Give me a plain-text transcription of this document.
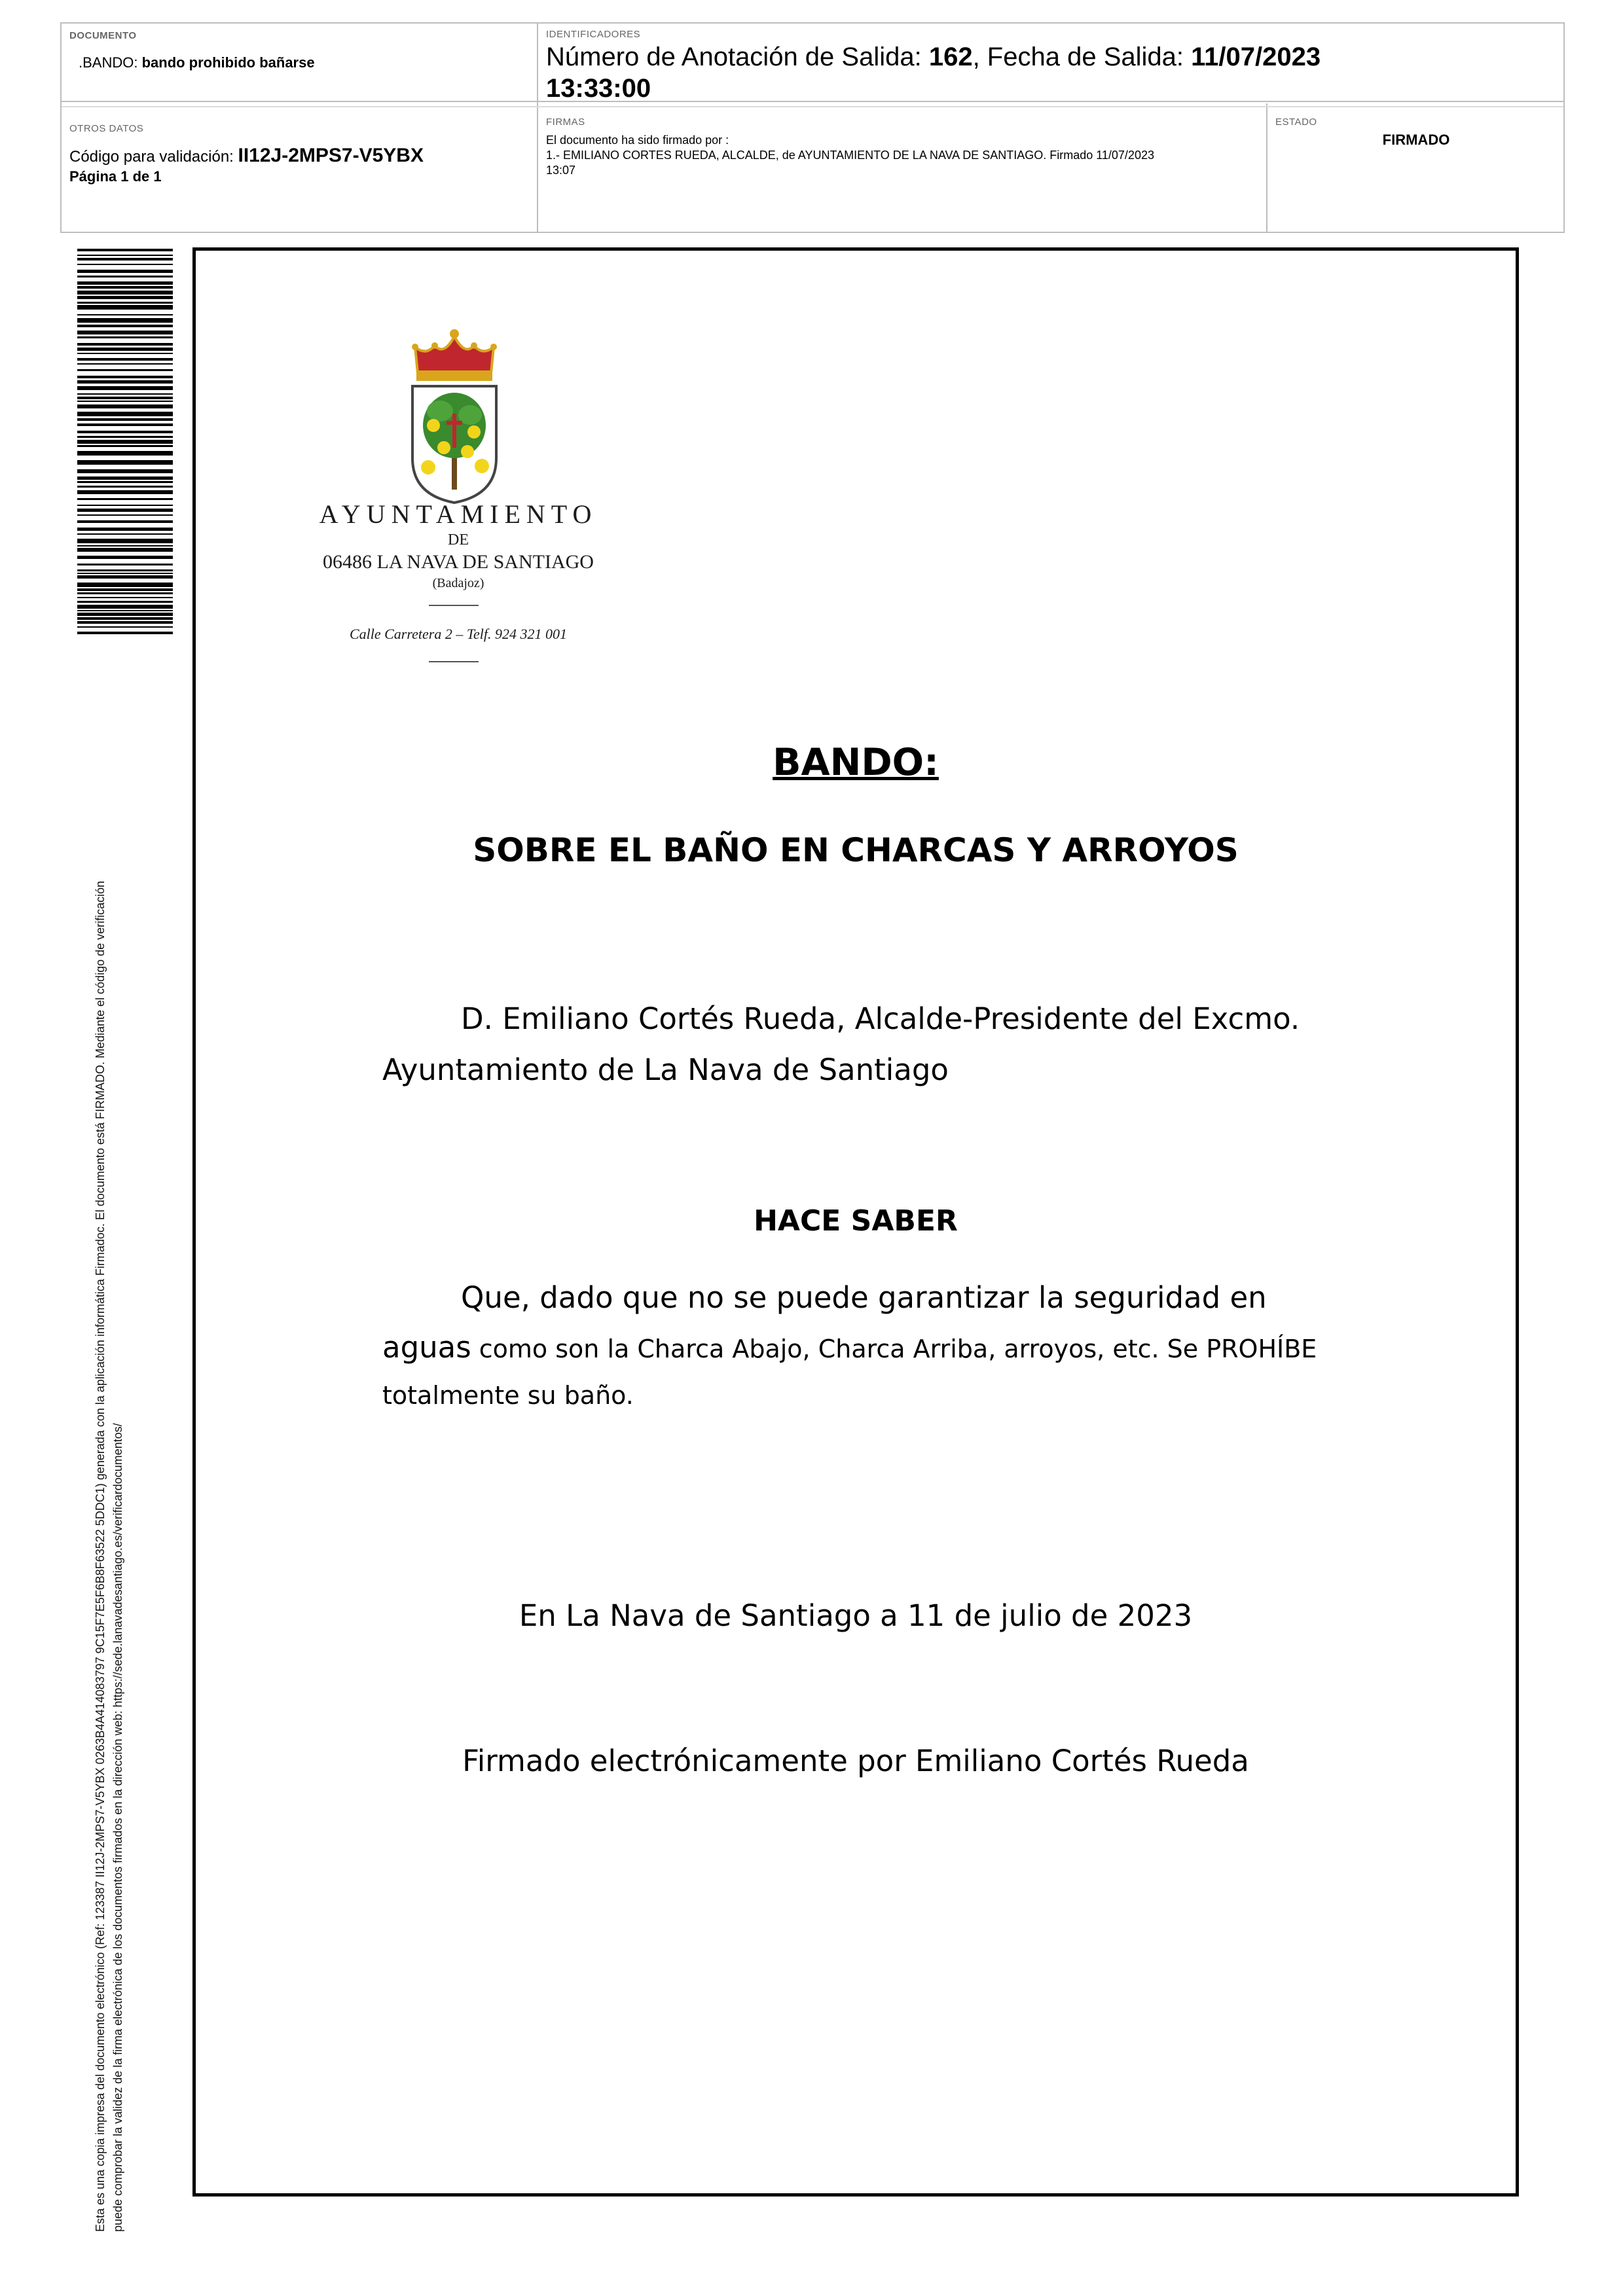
DOCUMENTO
.BANDO: bando prohibido bañarse
IDENTIFICADORES
Número de Anotación de Salida: 162, Fecha de Salida: 11/07/2023
13:33:00
OTROS DATOS
Código para validación: II12J-2MPS7-V5YBX
Página 1 de 1
FIRMAS
El documento ha sido firmado por :
1.- EMILIANO CORTES RUEDA, ALCALDE, de AYUNTAMIENTO DE LA NAVA DE SANTIAGO. Firmado 11/07/2023
13:07
ESTADO
FIRMADO
Esta es una copia impresa del documento electrónico (Ref: 123387 II12J-2MPS7-V5YBX 0263B4A414083797 9C15F7E5F6B8F63522 5DDC1) generada con la aplicación informática Firmadoc. El documento está FIRMADO. Mediante el código de verificación puede comprobar la validez de la firma electrónica de los documentos firmados en la dirección web: https://sede.lanavadesantiago.es/verificardocumentos/
AYUNTAMIENTO
DE
06486 LA NAVA DE SANTIAGO
(Badajoz)
Calle Carretera 2 – Telf. 924 321 001
BANDO:
SOBRE EL BAÑO EN CHARCAS Y ARROYOS
D. Emiliano Cortés Rueda, Alcalde-Presidente del Excmo.
Ayuntamiento de La Nava de Santiago
HACE SABER
Que, dado que no se puede garantizar la seguridad en
aguas como son la Charca Abajo, Charca Arriba, arroyos, etc. Se PROHÍBE
totalmente su baño.
En La Nava de Santiago a 11 de julio de 2023
Firmado electrónicamente por Emiliano Cortés Rueda
